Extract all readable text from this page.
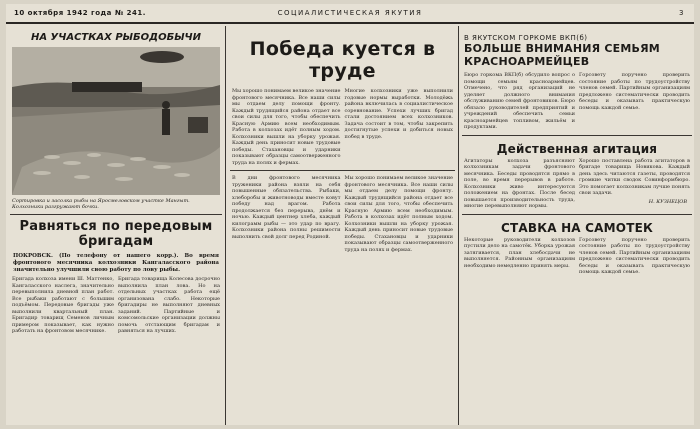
10 октября 1942 года № 241.	СОЦИАЛИСТИЧЕСКАЯ ЯКУТИЯ	3
НА УЧАСТКАХ РЫБОДОБЫЧИ
Сортировка и засолка рыбы на Яросмеловском участке Мангыт. Колхозники разгружают бочки.
Равняться по передовым бригадам

ПОКРОВСК. (По телефону от нашего корр.). Во время фронтового месячника колхозники Кангаласского района значительно улучшили свою работу по лову рыбы.

Бригада колхоза имени Ш. Маттенко, Кангаласского наслега, значительно перевыполнила дневной план работ. Все рыбаки работают с большим подъёмом. Передовые бригады уже выполнили квартальный план. Бригадир товарищ Семенов личным примером показывает, как нужно работать на фронтовом месячнике.

Бригада товарища Колесова досрочно выполнила план лова. Но на отдельных участках работа ещё организована слабо. Некоторые бригадиры не выполняют дневных заданий. Партийные и комсомольские организации должны помочь отстающим бригадам и равняться на лучших.

Победа куется в труде

Мы хорошо понимаем великое значение фронтового месячника. Все наши силы мы отдаем делу помощи фронту. Каждый трудящийся района отдает все свои силы для того, чтобы обеспечить Красную Армию всем необходимым. Работа в колхозах идёт полным ходом. Колхозники вышли на уборку урожая. Каждый день приносит новые трудовые победы. Стахановцы и ударники показывают образцы самоотверженного труда на полях и фермах.

Многие колхозники уже выполнили годовые нормы выработки. Молодёжь района включилась в социалистическое соревнование. Успехи лучших бригад стали достоянием всех колхозников. Задача состоит в том, чтобы закрепить достигнутые успехи и добиться новых побед в труде.

В дни фронтового месячника труженики района взяли на себя повышенные обязательства. Рыбаки, хлеборобы и животноводы вместе ковут победу над врагом. Работа продолжается без перерыва, днём и ночью. Каждый центнер хлеба, каждый килограмм рыбы — это удар по врагу. Колхозники района полны решимости выполнить свой долг перед Родиной.

Мы хорошо понимаем великое значение фронтового месячника. Все наши силы мы отдаем делу помощи фронту. Каждый трудящийся района отдает все свои силы для того, чтобы обеспечить Красную Армию всем необходимым. Работа в колхозах идёт полным ходом. Колхозники вышли на уборку урожая. Каждый день приносит новые трудовые победы. Стахановцы и ударники показывают образцы самоотверженного труда на полях и фермах.

В ЯКУТСКОМ ГОРКОМЕ ВКП(б)
БОЛЬШЕ ВНИМАНИЯ СЕМЬЯМ КРАСНОАРМЕЙЦЕВ

Бюро горкома ВКП(б) обсудило вопрос о помощи семьям красноармейцев. Отмечено, что ряд организаций не уделяет должного внимания обслуживанию семей фронтовиков. Бюро обязало руководителей предприятий и учреждений обеспечить семьи красноармейцев топливом, жильём и продуктами.

Горсовету поручено проверить состояние работы по трудоустройству членов семей. Партийным организациям предложено систематически проводить беседы и оказывать практическую помощь каждой семье.

Действенная агитация

Агитаторы колхоза разъясняют колхозникам задачи фронтового месячника. Беседы проводятся прямо в поле, во время перерывов в работе. Колхозники живо интересуются положением на фронтах. После бесед повышается производительность труда, многие перевыполняют нормы.

Хорошо поставлена работа агитаторов в бригаде товарища Новикова. Каждый день здесь читаются газеты, проводятся громкие читки сводок Совинформбюро. Это помогает колхозникам лучше понять свои задачи.

Н. КУЗНЕЦОВ
СТАВКА НА САМОТЕК

Некоторые руководители колхозов пустили дело на самотёк. Уборка урожая затягивается, план хлебосдачи не выполняется. Районным организациям необходимо немедленно принять меры.

Горсовету поручено проверить состояние работы по трудоустройству членов семей. Партийным организациям предложено систематически проводить беседы и оказывать практическую помощь каждой семье.
